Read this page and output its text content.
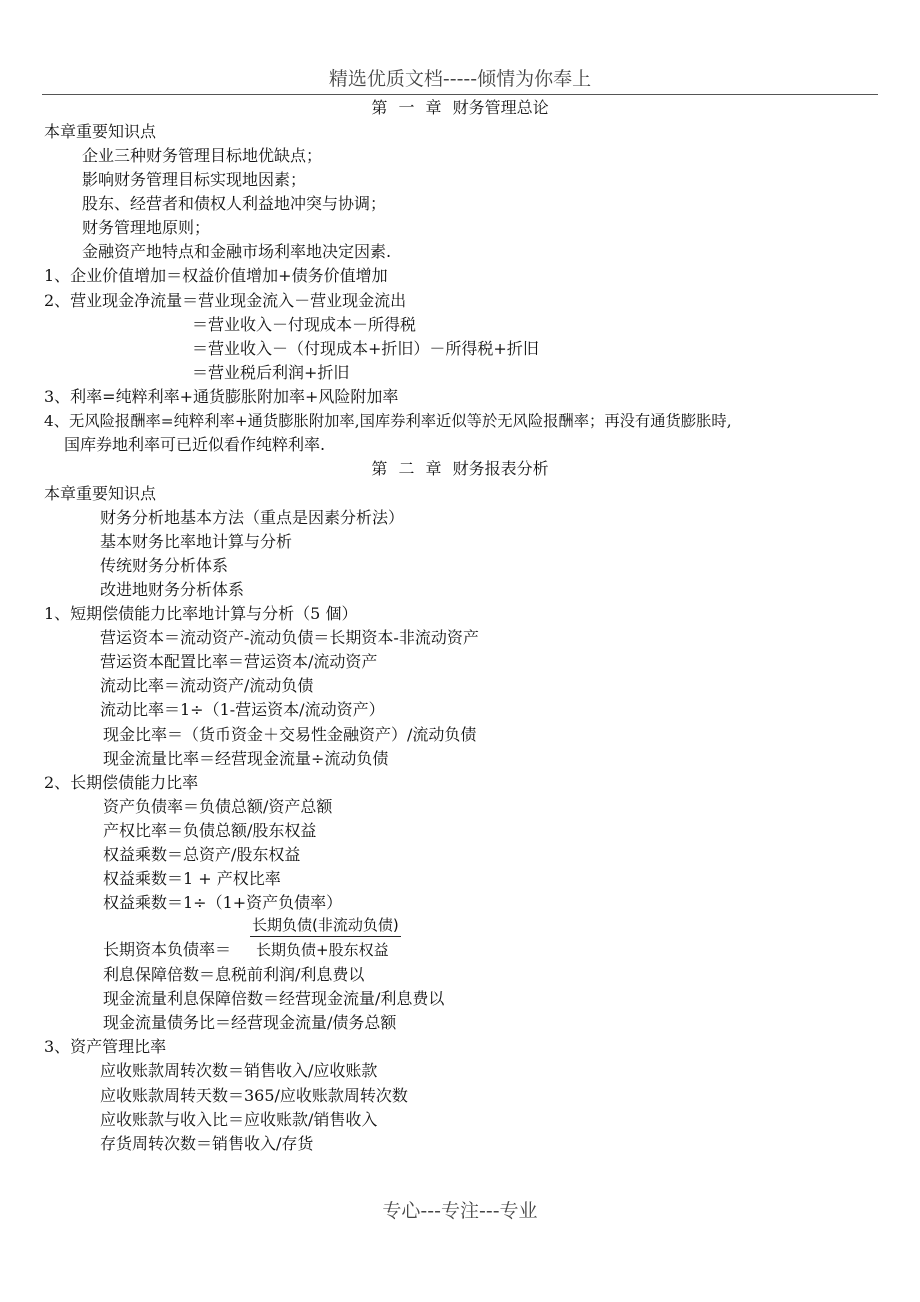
精选优质文档-----倾情为你奉上
第 一 章 财务管理总论
本章重要知识点
企业三种财务管理目标地优缺点；
影响财务管理目标实现地因素；
股东、经营者和债权人利益地冲突与协调；
财务管理地原则；
金融资产地特点和金融市场利率地决定因素.
1、企业价值增加＝权益价值增加+债务价值增加
2、营业现金净流量＝营业现金流入－营业现金流出
＝营业收入－付现成本－所得税
＝营业收入－（付现成本+折旧）－所得税+折旧
＝营业税后利润+折旧
3、利率=纯粹利率+通货膨胀附加率+风险附加率
4、无风险报酬率=纯粹利率+通货膨胀附加率,国库券利率近似等於无风险报酬率；再没有通货膨胀時,
国库券地利率可已近似看作纯粹利率.
第 二 章 财务报表分析
本章重要知识点
财务分析地基本方法（重点是因素分析法）
基本财务比率地计算与分析
传统财务分析体系
改进地财务分析体系
1、短期偿债能力比率地计算与分析（5 個）
营运资本＝流动资产-流动负债＝长期资本-非流动资产
营运资本配置比率＝营运资本/流动资产
流动比率＝流动资产/流动负债
流动比率＝1÷（1-营运资本/流动资产）
现金比率＝（货币资金＋交易性金融资产）/流动负债
现金流量比率＝经营现金流量÷流动负债
2、长期偿债能力比率
资产负债率＝负债总额/资产总额
产权比率＝负债总额/股东权益
权益乘数＝总资产/股东权益
权益乘数＝1 + 产权比率
权益乘数＝1÷（1+资产负债率）
长期负债(非流动负债)
长期资本负债率＝ 长期负债+股东权益
利息保障倍数＝息税前利润/利息费以
现金流量利息保障倍数＝经营现金流量/利息费以
现金流量债务比＝经营现金流量/债务总额
3、资产管理比率
应收账款周转次数＝销售收入/应收账款
应收账款周转天数＝365/应收账款周转次数
应收账款与收入比＝应收账款/销售收入
存货周转次数＝销售收入/存货
专心---专注---专业
